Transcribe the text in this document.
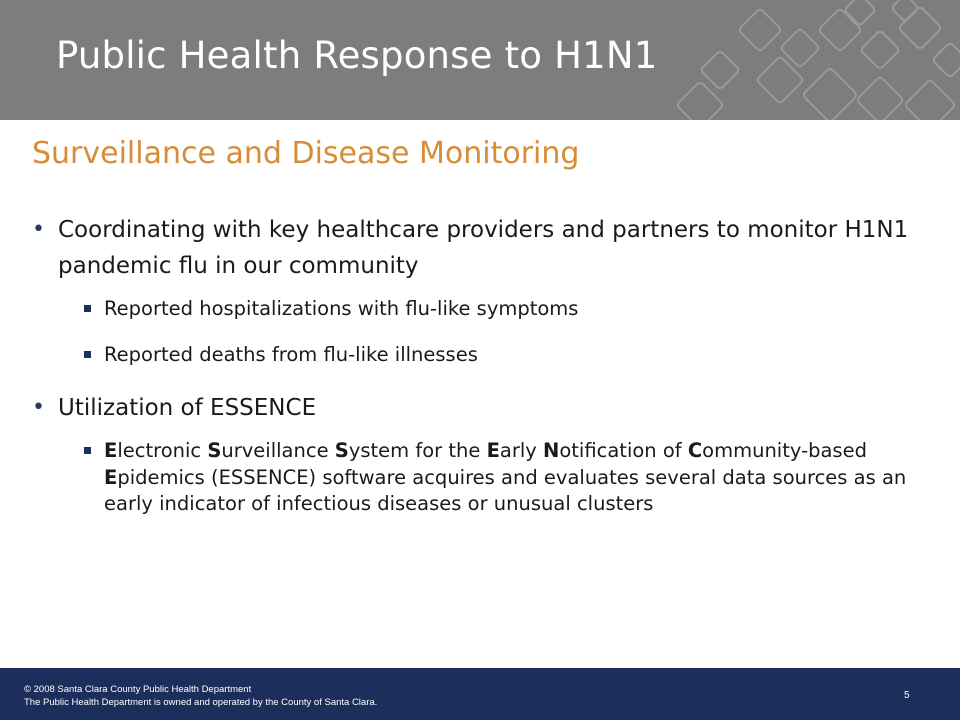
Public Health Response to H1N1
Surveillance and Disease Monitoring
• Coordinating with key healthcare providers and partners to monitor H1N1 pandemic flu in our community
Reported hospitalizations with flu-like symptoms
Reported deaths from flu-like illnesses
• Utilization of ESSENCE
Electronic Surveillance System for the Early Notification of Community-based Epidemics (ESSENCE) software acquires and evaluates several data sources as an early indicator of infectious diseases or unusual clusters
© 2008 Santa Clara County Public Health Department
The Public Health Department is owned and operated by the County of Santa Clara.
5
